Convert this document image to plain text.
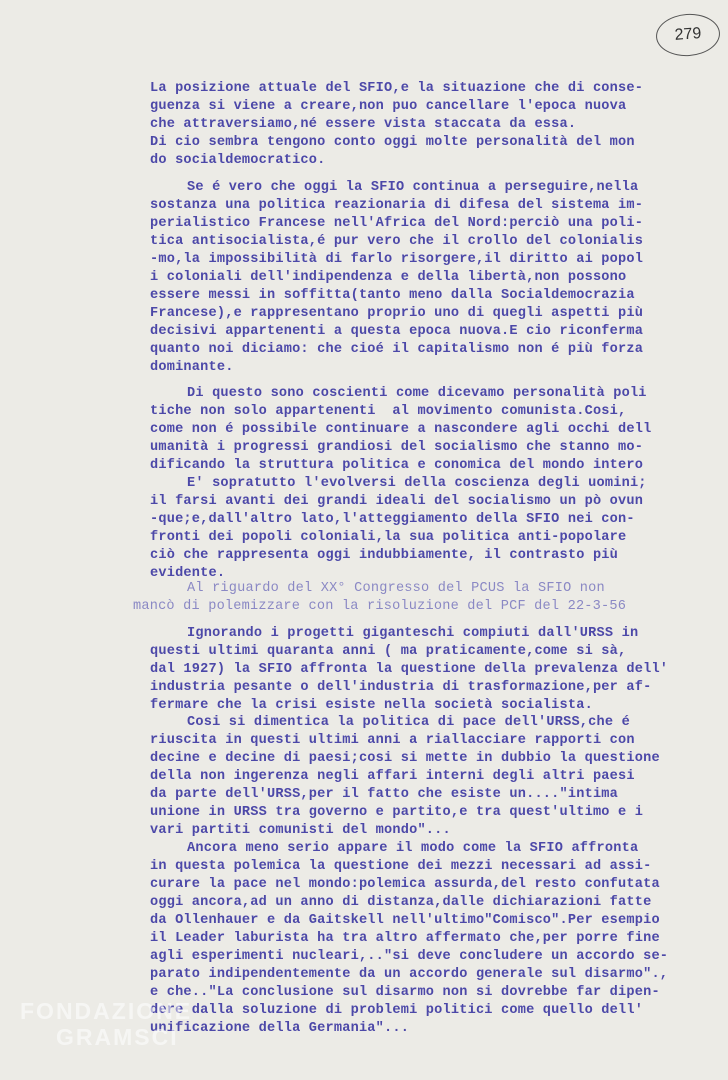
279

La posizione attuale del SFIO,e la situazione che di conse-

guenza si viene a creare,non puo cancellare l'epoca nuova

che attraversiamo,né essere vista staccata da essa.

Di cio sembra tengono conto oggi molte personalità del mon

do socialdemocratico.

Se é vero che oggi la SFIO continua a perseguire,nella

sostanza una politica reazionaria di difesa del sistema im-

perialistico Francese nell'Africa del Nord:perciò una poli-

tica antisocialista,é pur vero che il crollo del colonialis

-mo,la impossibilità di farlo risorgere,il diritto ai popol

i coloniali dell'indipendenza e della libertà,non possono

essere messi in soffitta(tanto meno dalla Socialdemocrazia

Francese),e rappresentano proprio uno di quegli aspetti più

decisivi appartenenti a questa epoca nuova.E cio riconferma

quanto noi diciamo: che cioé il capitalismo non é più forza

dominante.

Di questo sono coscienti come dicevamo personalità poli

tiche non solo appartenenti  al movimento comunista.Cosi,

come non é possibile continuare a nascondere agli occhi dell

umanità i progressi grandiosi del socialismo che stanno mo-

dificando la struttura politica e conomica del mondo intero

E' sopratutto l'evolversi della coscienza degli uomini;

il farsi avanti dei grandi ideali del socialismo un pò ovun

-que;e,dall'altro lato,l'atteggiamento della SFIO nei con-

fronti dei popoli coloniali,la sua politica anti-popolare

ciò che rappresenta oggi indubbiamente, il contrasto più

evidente.

Al riguardo del XX° Congresso del PCUS la SFIO non

mancò di polemizzare con la risoluzione del PCF del 22-3-56

Ignorando i progetti giganteschi compiuti dall'URSS in

questi ultimi quaranta anni ( ma praticamente,come si sà,

dal 1927) la SFIO affronta la questione della prevalenza dell'

industria pesante o dell'industria di trasformazione,per af-

fermare che la crisi esiste nella società socialista.

Cosi si dimentica la politica di pace dell'URSS,che é

riuscita in questi ultimi anni a riallacciare rapporti con

decine e decine di paesi;cosi si mette in dubbio la questione

della non ingerenza negli affari interni degli altri paesi

da parte dell'URSS,per il fatto che esiste un...."intima

unione in URSS tra governo e partito,e tra quest'ultimo e i

vari partiti comunisti del mondo"...

Ancora meno serio appare il modo come la SFIO affronta

in questa polemica la questione dei mezzi necessari ad assi-

curare la pace nel mondo:polemica assurda,del resto confutata

oggi ancora,ad un anno di distanza,dalle dichiarazioni fatte

da Ollenhauer e da Gaitskell nell'ultimo"Comisco".Per esempio

il Leader laburista ha tra altro affermato che,per porre fine

agli esperimenti nucleari,.."si deve concludere un accordo se-

parato indipendentemente da un accordo generale sul disarmo".,

e che.."La conclusione sul disarmo non si dovrebbe far dipen-

dere dalla soluzione di problemi politici come quello dell'

unificazione della Germania"...

FONDAZIONE
GRAMSCI
